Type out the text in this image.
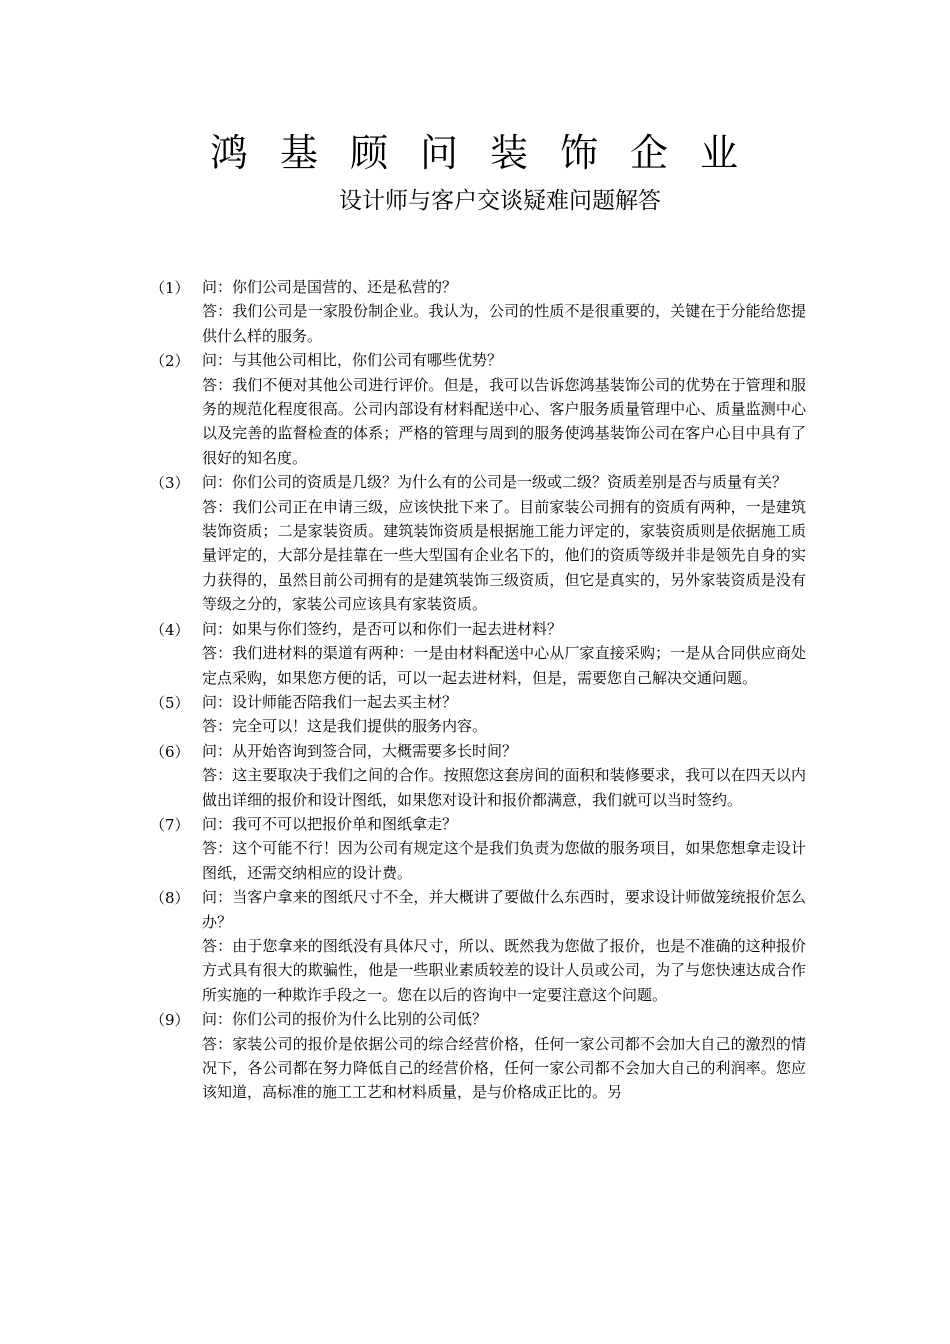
鸿基顾问装饰企业
设计师与客户交谈疑难问题解答
（1） 问：你们公司是国营的、还是私营的？

答：我们公司是一家股份制企业。我认为，公司的性质不是很重要的，关键在于分能给您提供什么样的服务。

（2） 问：与其他公司相比，你们公司有哪些优势？

答：我们不便对其他公司进行评价。但是，我可以告诉您鸿基装饰公司的优势在于管理和服务的规范化程度很高。公司内部设有材料配送中心、客户服务质量管理中心、质量监测中心以及完善的监督检查的体系；严格的管理与周到的服务使鸿基装饰公司在客户心目中具有了很好的知名度。

（3） 问：你们公司的资质是几级？为什么有的公司是一级或二级？资质差别是否与质量有关？

答：我们公司正在申请三级，应该快批下来了。目前家装公司拥有的资质有两种，一是建筑装饰资质；二是家装资质。建筑装饰资质是根据施工能力评定的，家装资质则是依据施工质量评定的，大部分是挂靠在一些大型国有企业名下的，他们的资质等级并非是领先自身的实力获得的，虽然目前公司拥有的是建筑装饰三级资质，但它是真实的，另外家装资质是没有等级之分的，家装公司应该具有家装资质。

（4） 问：如果与你们签约，是否可以和你们一起去进材料？

答：我们进材料的渠道有两种：一是由材料配送中心从厂家直接采购；一是从合同供应商处定点采购，如果您方便的话，可以一起去进材料，但是，需要您自己解决交通问题。

（5） 问：设计师能否陪我们一起去买主材？

答：完全可以！这是我们提供的服务内容。

（6） 问：从开始咨询到签合同，大概需要多长时间？

答：这主要取决于我们之间的合作。按照您这套房间的面积和装修要求，我可以在四天以内做出详细的报价和设计图纸，如果您对设计和报价都满意，我们就可以当时签约。

（7） 问：我可不可以把报价单和图纸拿走？

答：这个可能不行！因为公司有规定这个是我们负责为您做的服务项目，如果您想拿走设计图纸，还需交纳相应的设计费。

（8） 问：当客户拿来的图纸尺寸不全，并大概讲了要做什么东西时，要求设计师做笼统报价怎么办？

答：由于您拿来的图纸没有具体尺寸，所以、既然我为您做了报价，也是不准确的这种报价方式具有很大的欺骗性，他是一些职业素质较差的设计人员或公司，为了与您快速达成合作所实施的一种欺诈手段之一。您在以后的咨询中一定要注意这个问题。

（9） 问：你们公司的报价为什么比别的公司低？

答：家装公司的报价是依据公司的综合经营价格，任何一家公司都不会加大自己的激烈的情况下，各公司都在努力降低自己的经营价格，任何一家公司都不会加大自己的利润率。您应该知道，高标准的施工工艺和材料质量，是与价格成正比的。另
